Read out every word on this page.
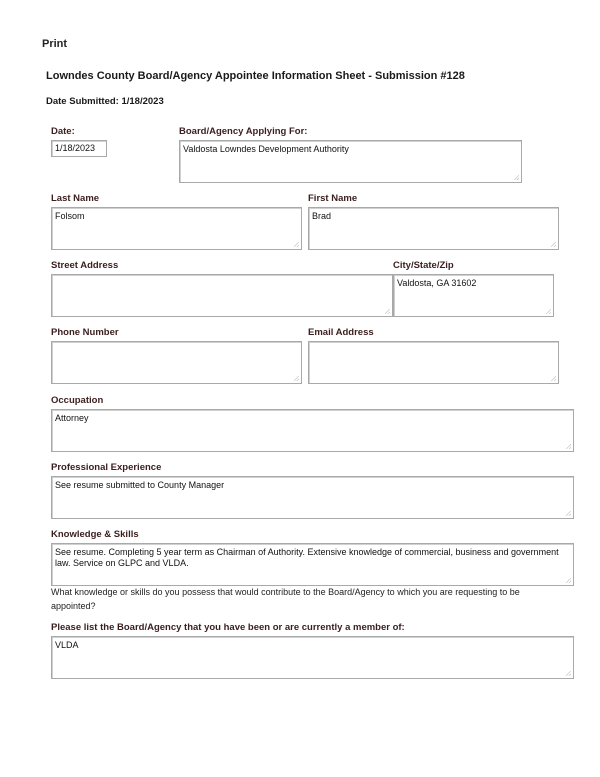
Print
Lowndes County Board/Agency Appointee Information Sheet - Submission #128
Date Submitted: 1/18/2023
Date:
1/18/2023
Board/Agency Applying For:
Valdosta Lowndes Development Authority
Last Name
Folsom
First Name
Brad
Street Address	City/State/Zip
Valdosta, GA 31602
Phone Number	Email Address
Occupation
Attorney
Professional Experience
See resume submitted to County Manager
Knowledge & Skills
See resume. Completing 5 year term as Chairman of Authority. Extensive knowledge of commercial, business and government law. Service on GLPC and VLDA.
What knowledge or skills do you possess that would contribute to the Board/Agency to which you are requesting to be appointed?
Please list the Board/Agency that you have been or are currently a member of:
VLDA
